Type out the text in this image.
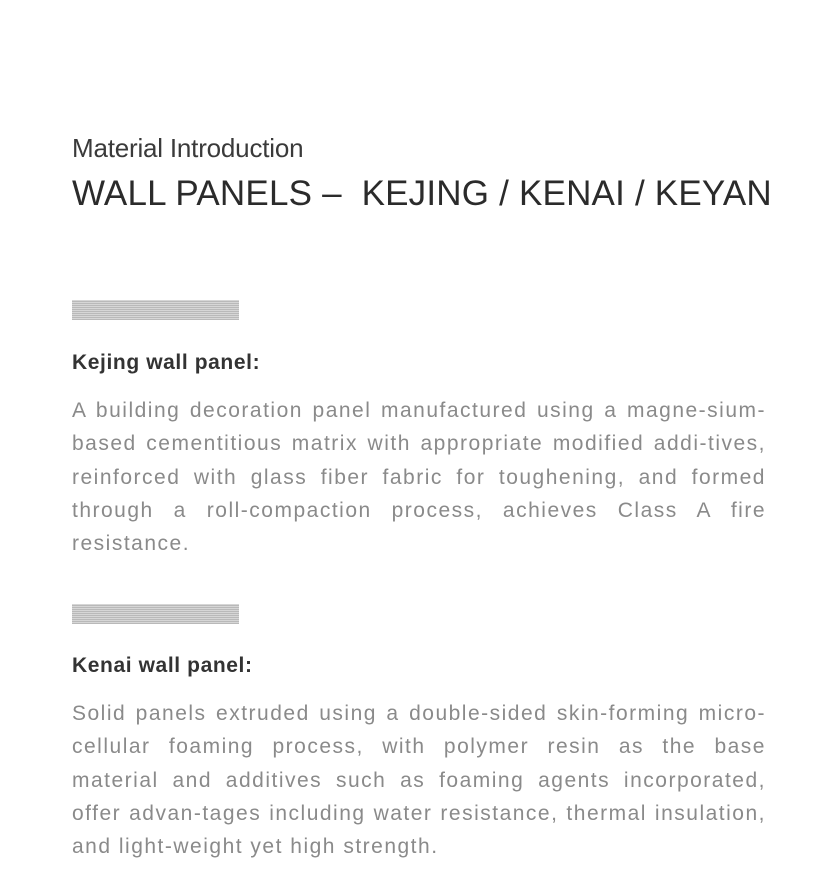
Material Introduction
WALL PANELS –  KEJING / KENAI / KEYAN
Kejing wall panel:
A building decoration panel manufactured using a magne-sium-based cementitious matrix with appropriate modified addi-tives, reinforced with glass fiber fabric for toughening, and formed through a roll-compaction process, achieves Class A fire resistance.
Kenai wall panel:
Solid panels extruded using a double-sided skin-forming micro-cellular foaming process, with polymer resin as the base material and additives such as foaming agents incorporated, offer advan-tages including water resistance, thermal insulation, and light-weight yet high strength.
